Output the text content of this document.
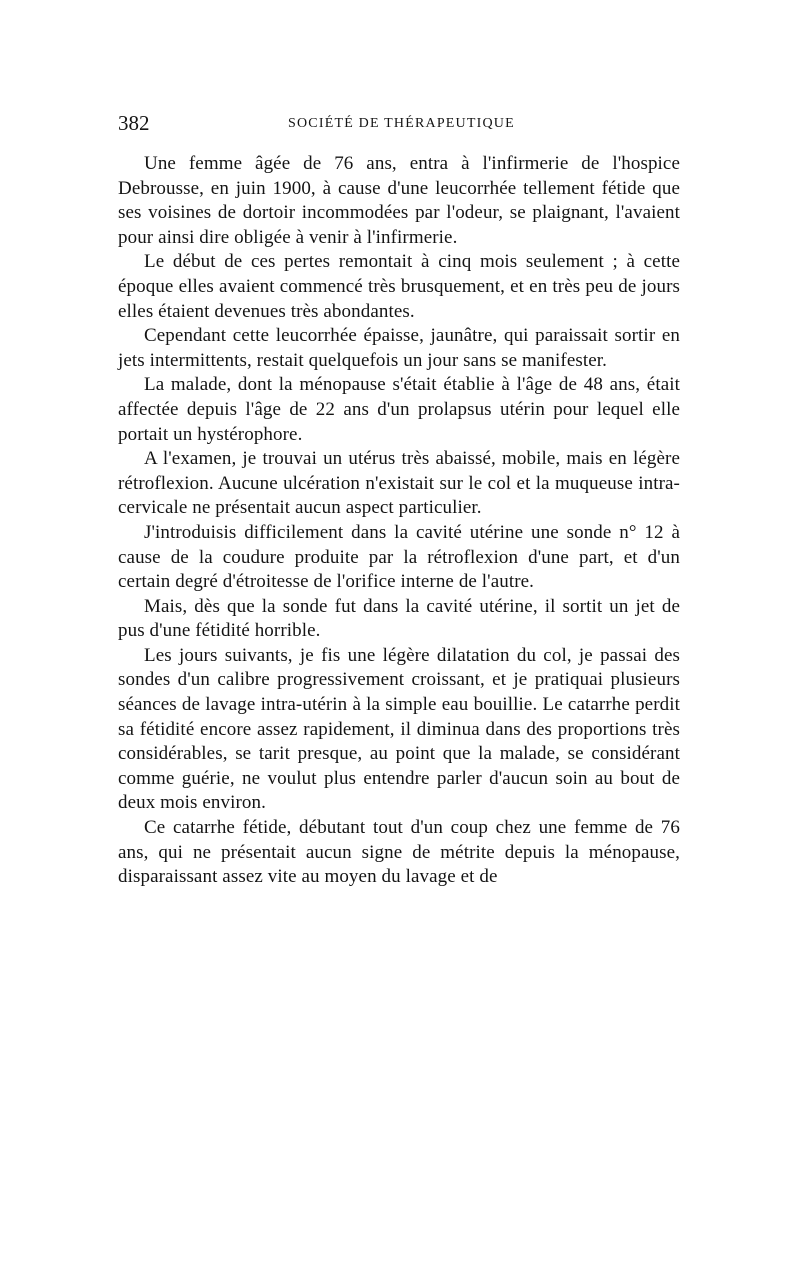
382	SOCIÉTÉ DE THÉRAPEUTIQUE

Une femme âgée de 76 ans, entra à l'infirmerie de l'hospice Debrousse, en juin 1900, à cause d'une leucorrhée tellement fétide que ses voisines de dortoir incommodées par l'odeur, se plaignant, l'avaient pour ainsi dire obligée à venir à l'infirmerie.

Le début de ces pertes remontait à cinq mois seulement ; à cette époque elles avaient commencé très brusquement, et en très peu de jours elles étaient devenues très abondantes.

Cependant cette leucorrhée épaisse, jaunâtre, qui paraissait sortir en jets intermittents, restait quelquefois un jour sans se manifester.

La malade, dont la ménopause s'était établie à l'âge de 48 ans, était affectée depuis l'âge de 22 ans d'un prolapsus utérin pour lequel elle portait un hystérophore.

A l'examen, je trouvai un utérus très abaissé, mobile, mais en légère rétroflexion. Aucune ulcération n'existait sur le col et la muqueuse intra-cervicale ne présentait aucun aspect particulier.

J'introduisis difficilement dans la cavité utérine une sonde n° 12 à cause de la coudure produite par la rétroflexion d'une part, et d'un certain degré d'étroitesse de l'orifice interne de l'autre.

Mais, dès que la sonde fut dans la cavité utérine, il sortit un jet de pus d'une fétidité horrible.

Les jours suivants, je fis une légère dilatation du col, je passai des sondes d'un calibre progressivement croissant, et je pratiquai plusieurs séances de lavage intra-utérin à la simple eau bouillie. Le catarrhe perdit sa fétidité encore assez rapidement, il diminua dans des proportions très considérables, se tarit presque, au point que la malade, se considérant comme guérie, ne voulut plus entendre parler d'aucun soin au bout de deux mois environ.

Ce catarrhe fétide, débutant tout d'un coup chez une femme de 76 ans, qui ne présentait aucun signe de métrite depuis la ménopause, disparaissant assez vite au moyen du lavage et de
